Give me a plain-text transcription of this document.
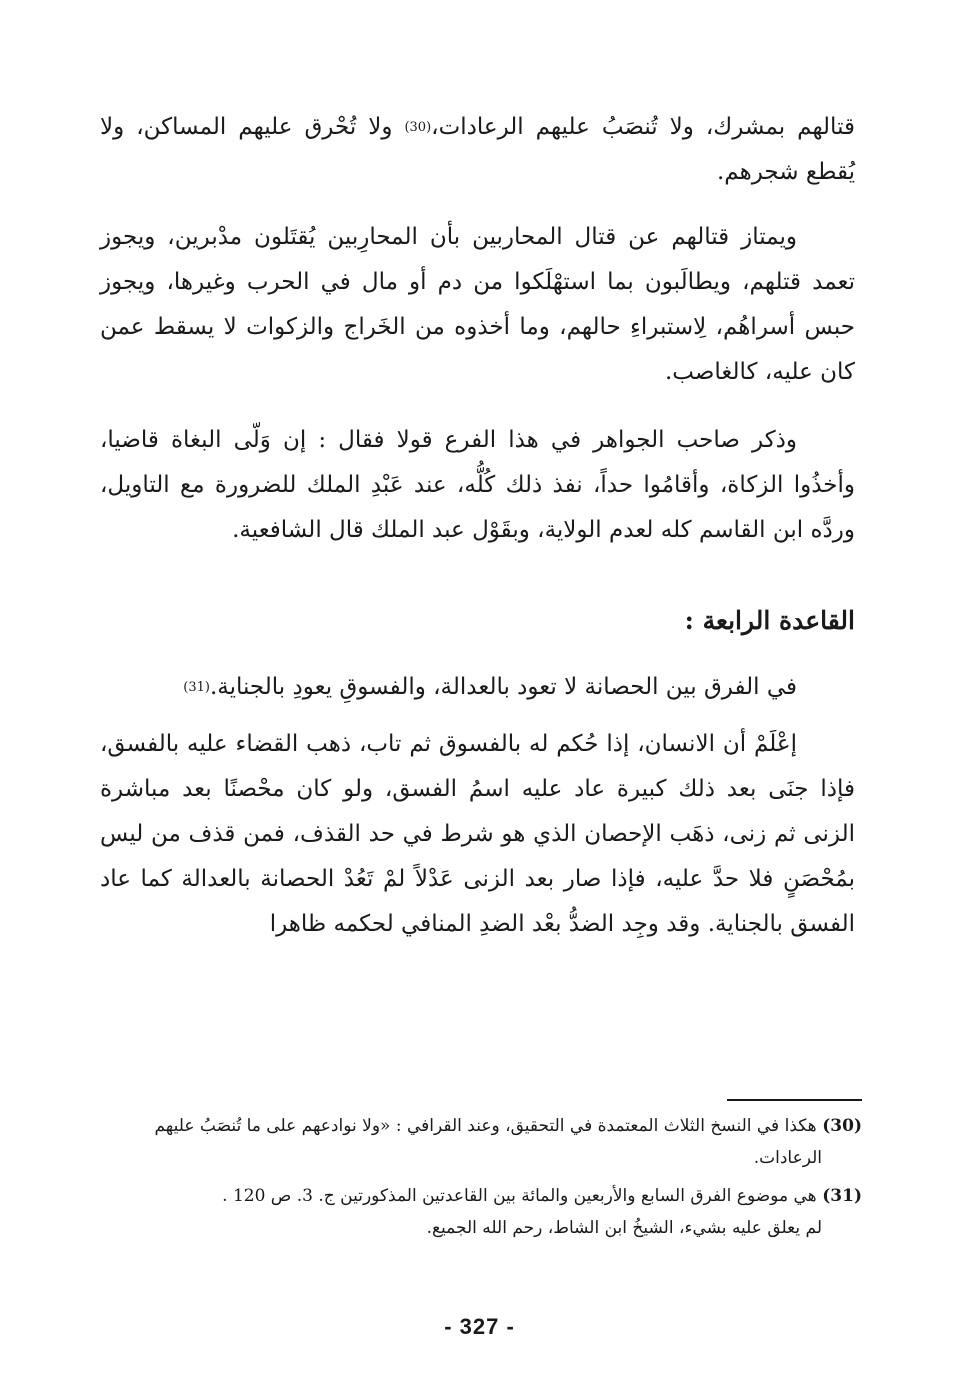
قتالهم بمشرك، ولا تُنصَبُ عليهم الرعادات،(30) ولا تُحْرق عليهم المساكن، ولا يُقطع شجرهم.

ويمتاز قتالهم عن قتال المحاربين بأن المحارِبين يُقتَلون مدْبرين، ويجوز تعمد قتلهم، ويطالَبون بما استهْلَكوا من دم أو مال في الحرب وغيرها، ويجوز حبس أسراهُم، لِاستبراءِ حالهم، وما أخذوه من الخَراج والزكوات لا يسقط عمن كان عليه، كالغاصب.

وذكر صاحب الجواهر في هذا الفرع قولا فقال : إن وَلّى البغاة قاضيا، وأخذُوا الزكاة، وأقامُوا حداً، نفذ ذلك كُلُّه، عند عَبْدِ الملك للضرورة مع التاويل، وردَّه ابن القاسم كله لعدم الولاية، وبقَوْل عبد الملك قال الشافعية.

القاعدة الرابعة :

في الفرق بين الحصانة لا تعود بالعدالة، والفسوقِ يعودِ بالجناية.(31)

إعْلَمْ أن الانسان، إذا حُكم له بالفسوق ثم تاب، ذهب القضاء عليه بالفسق، فإذا جنَى بعد ذلك كبيرة عاد عليه اسمُ الفسق، ولو كان محْصنًا بعد مباشرة الزنى ثم زنى، ذهَب الإحصان الذي هو شرط في حد القذف، فمن قذف من ليس بمُحْصَنٍ فلا حدَّ عليه، فإذا صار بعد الزنى عَدْلاً لمْ تَعُدْ الحصانة بالعدالة كما عاد الفسق بالجناية. وقد وجِد الضدُّ بعْد الضدِ المنافي لحكمه ظاهرا

(30) هكذا في النسخ الثلاث المعتمدة في التحقيق، وعند القرافي : «ولا نوادعهم على ما تُنصَبُ عليهم
الرعادات.
(31) هي موضوع الفرق السابع والأربعين والمائة بين القاعدتين المذكورتين ج. 3. ص 120 .
لم يعلق عليه بشيء، الشيخُ ابن الشاط، رحم الله الجميع.
- 327 -
